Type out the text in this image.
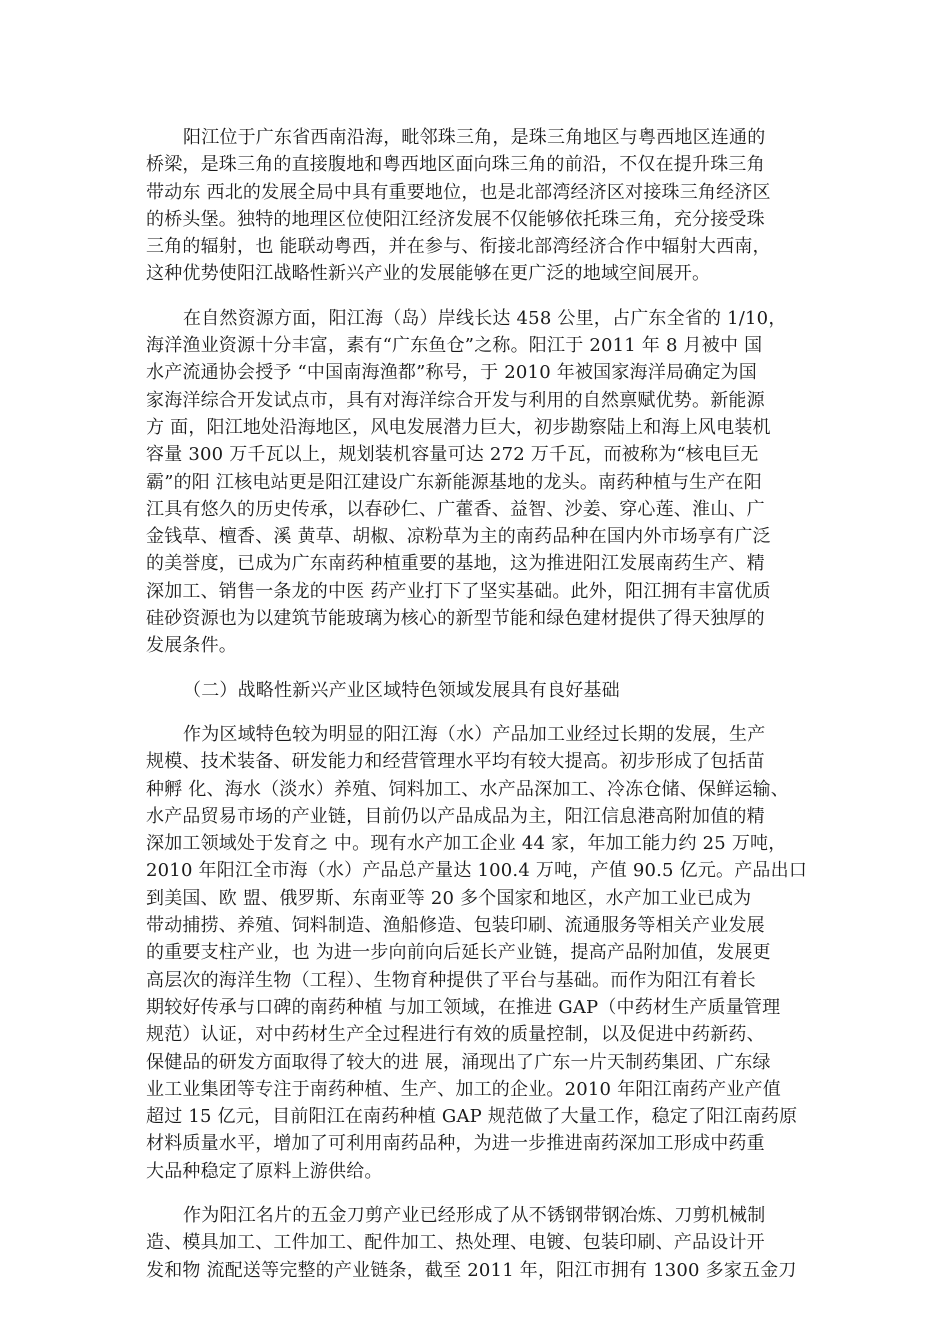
阳江位于广东省西南沿海，毗邻珠三角，是珠三角地区与粤西地区连通的
桥梁，是珠三角的直接腹地和粤西地区面向珠三角的前沿，不仅在提升珠三角
带动东 西北的发展全局中具有重要地位，也是北部湾经济区对接珠三角经济区
的桥头堡。独特的地理区位使阳江经济发展不仅能够依托珠三角，充分接受珠
三角的辐射，也 能联动粤西，并在参与、衔接北部湾经济合作中辐射大西南，
这种优势使阳江战略性新兴产业的发展能够在更广泛的地域空间展开。
在自然资源方面，阳江海（岛）岸线长达 458 公里，占广东全省的 1/10，
海洋渔业资源十分丰富，素有“广东鱼仓”之称。阳江于 2011 年 8 月被中 国
水产流通协会授予 “中国南海渔都”称号，于 2010 年被国家海洋局确定为国
家海洋综合开发试点市，具有对海洋综合开发与利用的自然禀赋优势。新能源
方 面，阳江地处沿海地区，风电发展潜力巨大，初步勘察陆上和海上风电装机
容量 300 万千瓦以上，规划装机容量可达 272 万千瓦，而被称为“核电巨无
霸”的阳 江核电站更是阳江建设广东新能源基地的龙头。南药种植与生产在阳
江具有悠久的历史传承，以春砂仁、广藿香、益智、沙姜、穿心莲、淮山、广
金钱草、檀香、溪 黄草、胡椒、凉粉草为主的南药品种在国内外市场享有广泛
的美誉度，已成为广东南药种植重要的基地，这为推进阳江发展南药生产、精
深加工、销售一条龙的中医 药产业打下了坚实基础。此外，阳江拥有丰富优质
硅砂资源也为以建筑节能玻璃为核心的新型节能和绿色建材提供了得天独厚的
发展条件。
（二）战略性新兴产业区域特色领域发展具有良好基础
作为区域特色较为明显的阳江海（水）产品加工业经过长期的发展，生产
规模、技术装备、研发能力和经营管理水平均有较大提高。初步形成了包括苗
种孵 化、海水（淡水）养殖、饲料加工、水产品深加工、冷冻仓储、保鲜运输、
水产品贸易市场的产业链，目前仍以产品成品为主，阳江信息港高附加值的精
深加工领域处于发育之 中。现有水产加工企业 44 家，年加工能力约 25 万吨，
2010 年阳江全市海（水）产品总产量达 100.4 万吨，产值 90.5 亿元。产品出口
到美国、欧 盟、俄罗斯、东南亚等 20 多个国家和地区，水产加工业已成为
带动捕捞、养殖、饲料制造、渔船修造、包装印刷、流通服务等相关产业发展
的重要支柱产业，也 为进一步向前向后延长产业链，提高产品附加值，发展更
高层次的海洋生物（工程）、生物育种提供了平台与基础。而作为阳江有着长
期较好传承与口碑的南药种植 与加工领域，在推进 GAP（中药材生产质量管理
规范）认证，对中药材生产全过程进行有效的质量控制，以及促进中药新药、
保健品的研发方面取得了较大的进 展，涌现出了广东一片天制药集团、广东绿
业工业集团等专注于南药种植、生产、加工的企业。2010 年阳江南药产业产值
超过 15 亿元，目前阳江在南药种植 GAP 规范做了大量工作，稳定了阳江南药原
材料质量水平，增加了可利用南药品种，为进一步推进南药深加工形成中药重
大品种稳定了原料上游供给。
作为阳江名片的五金刀剪产业已经形成了从不锈钢带钢冶炼、刀剪机械制
造、模具加工、工件加工、配件加工、热处理、电镀、包装印刷、产品设计开
发和物 流配送等完整的产业链条，截至 2011 年，阳江市拥有 1300 多家五金刀
